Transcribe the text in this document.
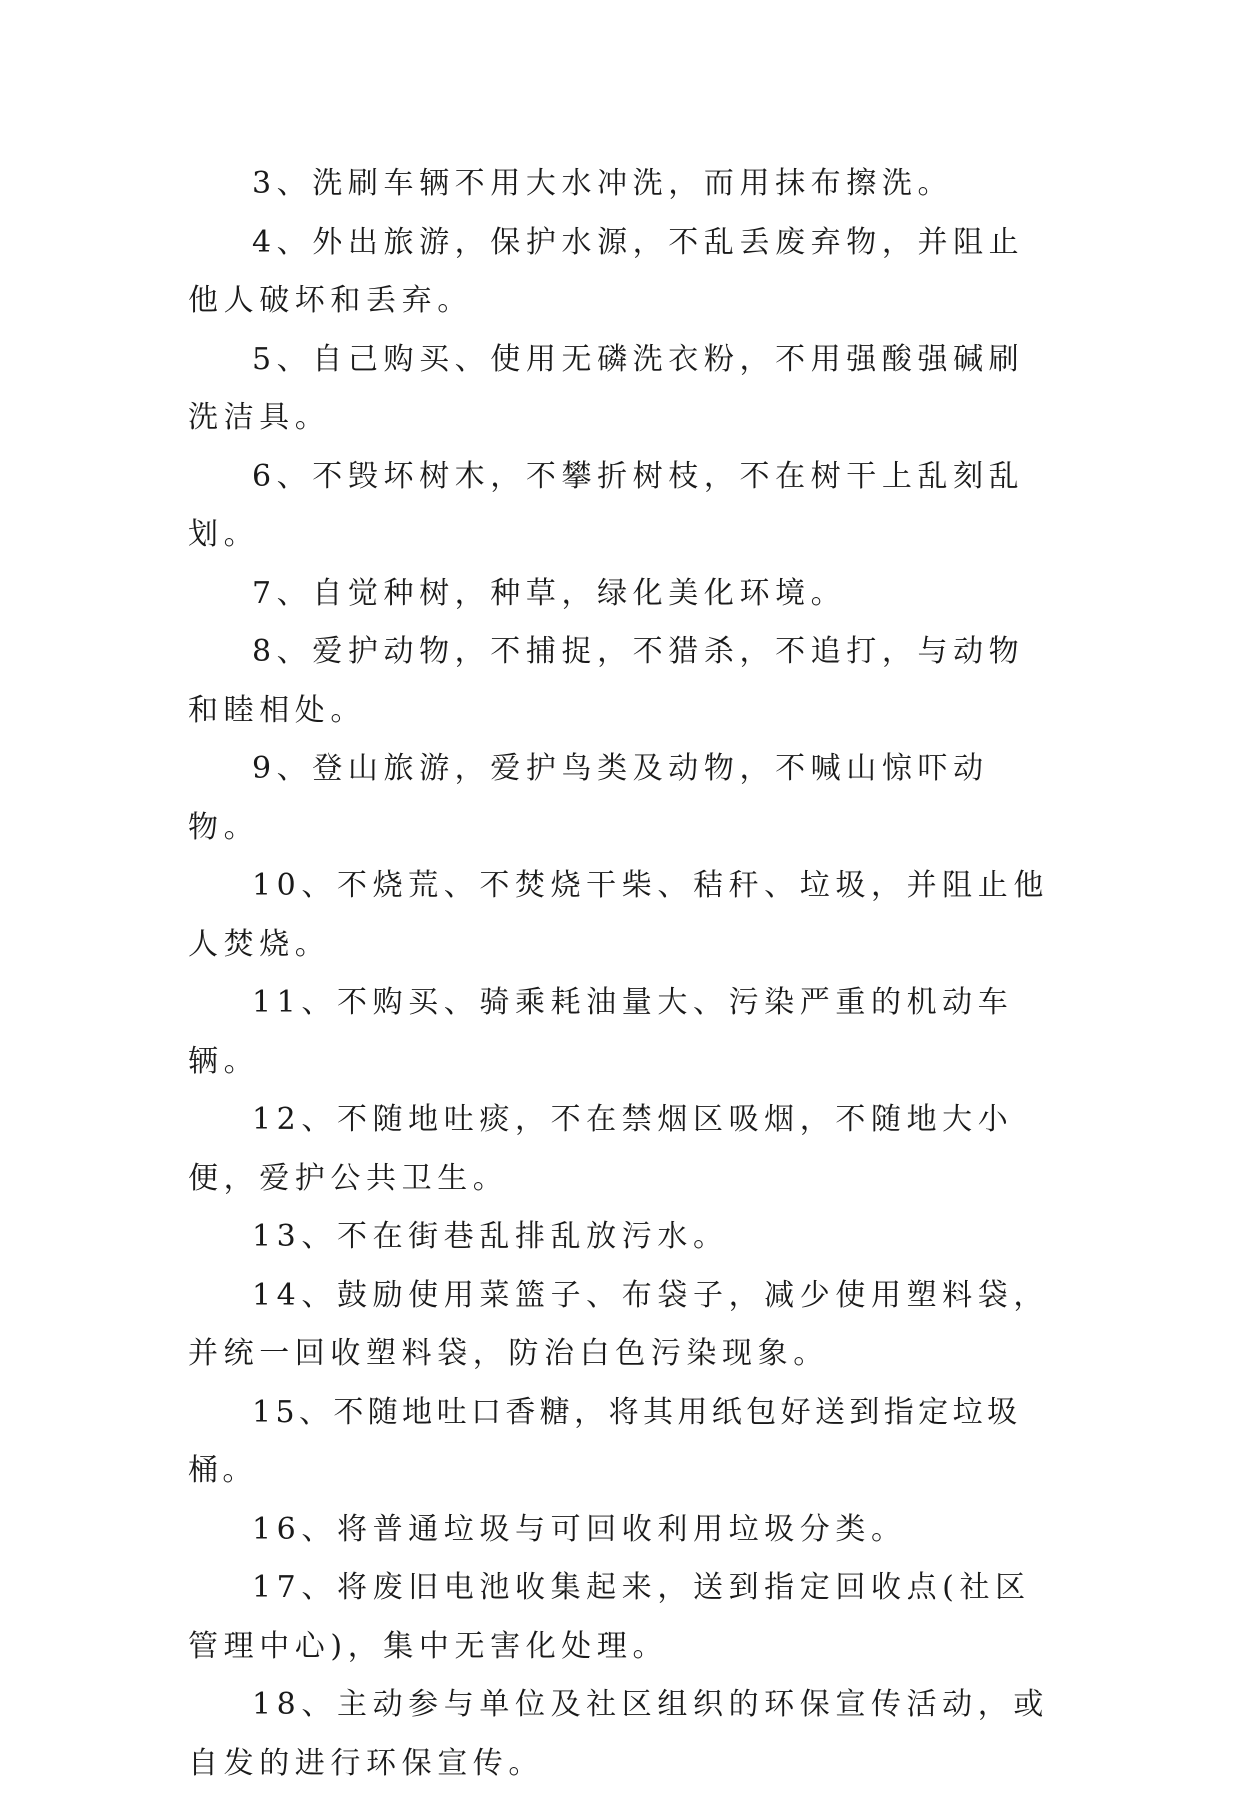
3、洗刷车辆不用大水冲洗，而用抹布擦洗。

4、外出旅游，保护水源，不乱丢废弃物，并阻止他人破坏和丢弃。

5、自己购买、使用无磷洗衣粉，不用强酸强碱刷洗洁具。

6、不毁坏树木，不攀折树枝，不在树干上乱刻乱划。

7、自觉种树，种草，绿化美化环境。

8、爱护动物，不捕捉，不猎杀，不追打，与动物和睦相处。

9、登山旅游，爱护鸟类及动物，不喊山惊吓动物。

10、不烧荒、不焚烧干柴、秸秆、垃圾，并阻止他人焚烧。

11、不购买、骑乘耗油量大、污染严重的机动车辆。

12、不随地吐痰，不在禁烟区吸烟，不随地大小便，爱护公共卫生。

13、不在街巷乱排乱放污水。

14、鼓励使用菜篮子、布袋子，减少使用塑料袋，并统一回收塑料袋，防治白色污染现象。

15、不随地吐口香糖，将其用纸包好送到指定垃圾桶。

16、将普通垃圾与可回收利用垃圾分类。

17、将废旧电池收集起来，送到指定回收点(社区管理中心)，集中无害化处理。

18、主动参与单位及社区组织的环保宣传活动，或自发的进行环保宣传。
